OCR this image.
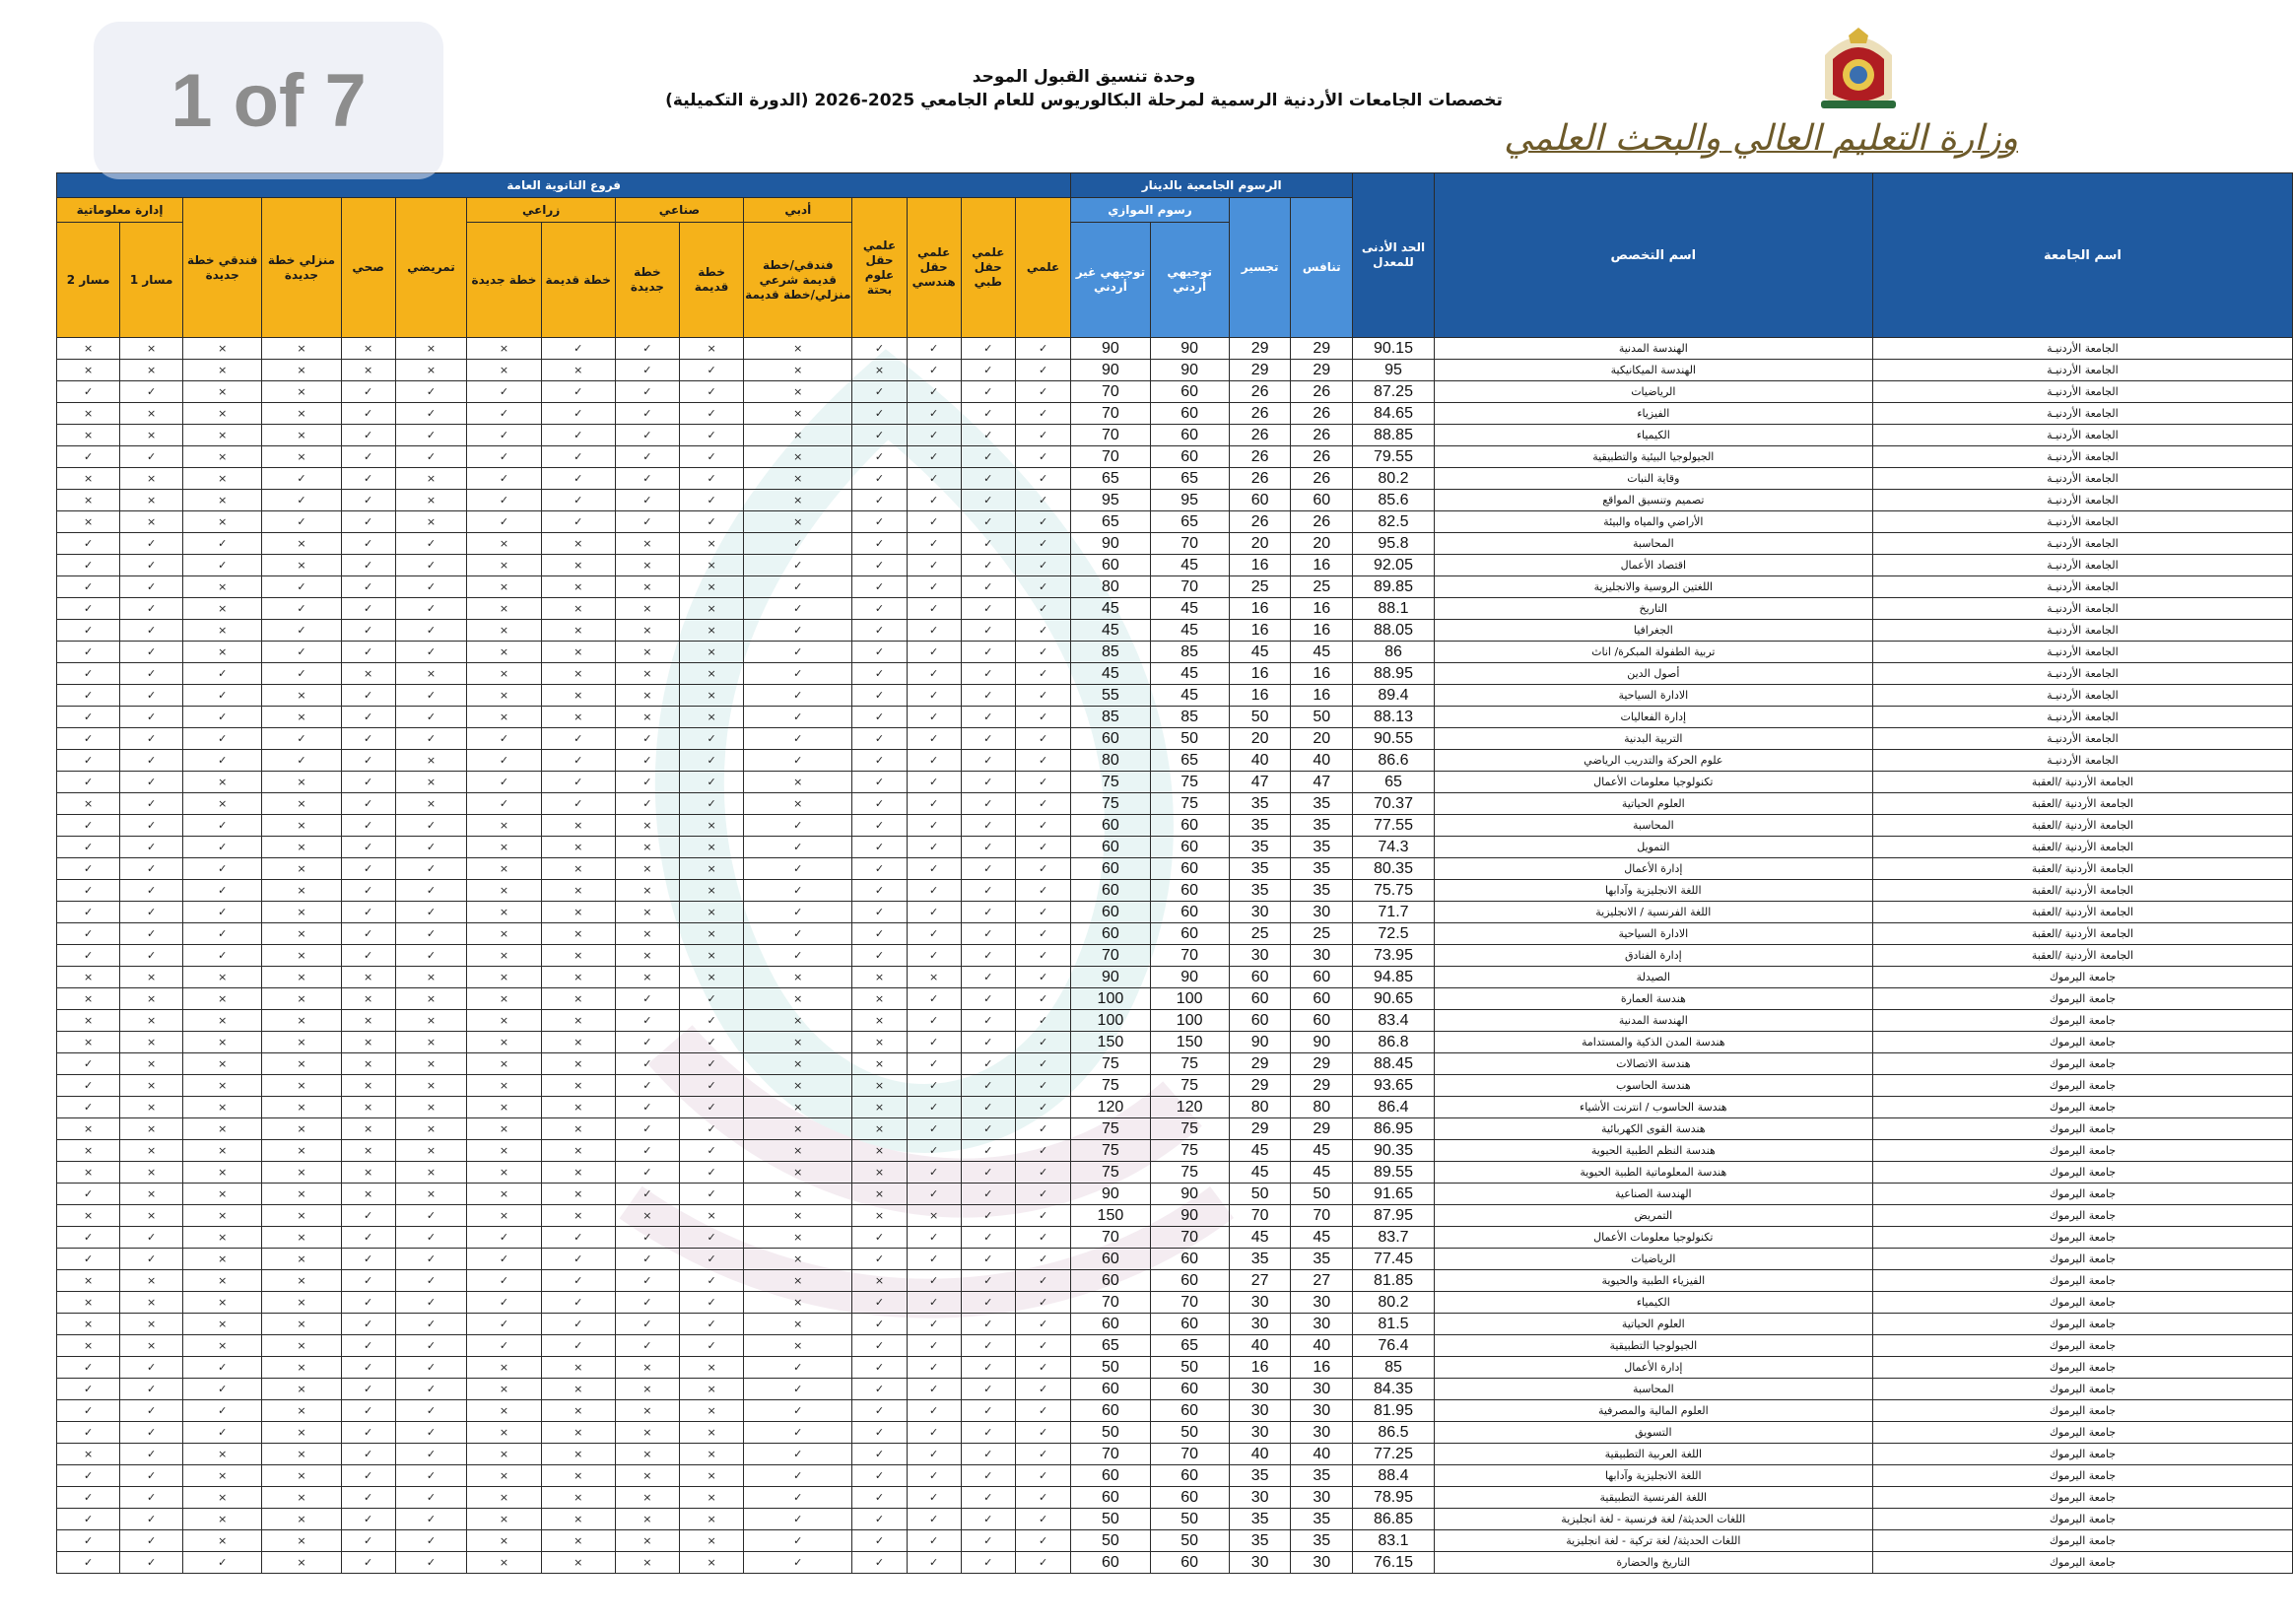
1 of 7	وزارة التعليم العالي والبحث العلمي
وحدة تنسيق القبول الموحد
تخصصات الجامعات الأردنية الرسمية لمرحلة البكالوريوس للعام الجامعي 2025-2026 (الدورة التكميلية)
اسم الجامعة	اسم التخصص	الحد الأدنى للمعدل	الرسوم الجامعية بالدينار				فروع الثانوية العامة														
			تنافس	تجسير	رسوم الموازي		علمي	علمي حقل طبي	علمي حقل هندسي	علمي حقل علوم بحتة	أدبي	صناعي		زراعي		تمريضي	صحي	منزلي خطة جديدة	فندقي خطة جديدة	إدارة معلوماتية	
					توجيهي أردني	توجيهي غير أردني					فندقي/خطة قديمة شرعي منزلي/خطة قديمة	خطة قديمة	خطة جديدة	خطة قديمة	خطة جديدة					مسار 1	مسار 2
الجامعة الأردنيـة	الهندسة المدنية	90.15	29	29	90	90	✓	✓	✓	✓	×	×	✓	✓	×	×	×	×	×	×	×
الجامعة الأردنيـة	الهندسة الميكانيكية	95	29	29	90	90	✓	✓	✓	×	×	✓	✓	×	×	×	×	×	×	×	×
الجامعة الأردنيـة	الرياضيات	87.25	26	26	60	70	✓	✓	✓	✓	×	✓	✓	✓	✓	✓	✓	×	×	✓	✓
الجامعة الأردنيـة	الفيزياء	84.65	26	26	60	70	✓	✓	✓	✓	×	✓	✓	✓	✓	✓	✓	×	×	×	×
الجامعة الأردنيـة	الكيمياء	88.85	26	26	60	70	✓	✓	✓	✓	×	✓	✓	✓	✓	✓	✓	×	×	×	×
الجامعة الأردنيـة	الجيولوجيا البيئية والتطبيقية	79.55	26	26	60	70	✓	✓	✓	✓	×	✓	✓	✓	✓	✓	✓	×	×	✓	✓
الجامعة الأردنيـة	وقاية النبات	80.2	26	26	65	65	✓	✓	✓	✓	×	✓	✓	✓	✓	×	✓	✓	×	×	×
الجامعة الأردنيـة	تصميم وتنسيق المواقع	85.6	60	60	95	95	✓	✓	✓	✓	×	✓	✓	✓	✓	×	✓	✓	×	×	×
الجامعة الأردنيـة	الأراضي والمياه والبيئة	82.5	26	26	65	65	✓	✓	✓	✓	×	✓	✓	✓	✓	×	✓	✓	×	×	×
الجامعة الأردنيـة	المحاسبة	95.8	20	20	70	90	✓	✓	✓	✓	✓	×	×	×	×	✓	✓	×	✓	✓	✓
الجامعة الأردنيـة	اقتصاد الأعمال	92.05	16	16	45	60	✓	✓	✓	✓	✓	×	×	×	×	✓	✓	×	✓	✓	✓
الجامعة الأردنيـة	اللغتين الروسية والانجليزية	89.85	25	25	70	80	✓	✓	✓	✓	✓	×	×	×	×	✓	✓	✓	×	✓	✓
الجامعة الأردنيـة	التاريخ	88.1	16	16	45	45	✓	✓	✓	✓	✓	×	×	×	×	✓	✓	✓	×	✓	✓
الجامعة الأردنيـة	الجغرافيا	88.05	16	16	45	45	✓	✓	✓	✓	✓	×	×	×	×	✓	✓	✓	×	✓	✓
الجامعة الأردنيـة	تربية الطفولة المبكرة/ اناث	86	45	45	85	85	✓	✓	✓	✓	✓	×	×	×	×	✓	✓	✓	×	✓	✓
الجامعة الأردنيـة	أصول الدين	88.95	16	16	45	45	✓	✓	✓	✓	✓	×	×	×	×	×	×	✓	✓	✓	✓
الجامعة الأردنيـة	الادارة السياحية	89.4	16	16	45	55	✓	✓	✓	✓	✓	×	×	×	×	✓	✓	×	✓	✓	✓
الجامعة الأردنيـة	إدارة الفعاليات	88.13	50	50	85	85	✓	✓	✓	✓	✓	×	×	×	×	✓	✓	×	✓	✓	✓
الجامعة الأردنيـة	التربية البدنية	90.55	20	20	50	60	✓	✓	✓	✓	✓	✓	✓	✓	✓	✓	✓	✓	✓	✓	✓
الجامعة الأردنيـة	علوم الحركة والتدريب الرياضي	86.6	40	40	65	80	✓	✓	✓	✓	✓	✓	✓	✓	✓	×	✓	✓	✓	✓	✓
الجامعة الأردنية /العقبة	تكنولوجيا معلومات الأعمال	65	47	47	75	75	✓	✓	✓	✓	×	✓	✓	✓	✓	×	✓	×	×	✓	✓
الجامعة الأردنية /العقبة	العلوم الحياتية	70.37	35	35	75	75	✓	✓	✓	✓	×	✓	✓	✓	✓	×	✓	×	×	✓	×
الجامعة الأردنية /العقبة	المحاسبة	77.55	35	35	60	60	✓	✓	✓	✓	✓	×	×	×	×	✓	✓	×	✓	✓	✓
الجامعة الأردنية /العقبة	التمويل	74.3	35	35	60	60	✓	✓	✓	✓	✓	×	×	×	×	✓	✓	×	✓	✓	✓
الجامعة الأردنية /العقبة	إدارة الأعمال	80.35	35	35	60	60	✓	✓	✓	✓	✓	×	×	×	×	✓	✓	×	✓	✓	✓
الجامعة الأردنية /العقبة	اللغة الانجليزية وآدابها	75.75	35	35	60	60	✓	✓	✓	✓	✓	×	×	×	×	✓	✓	×	✓	✓	✓
الجامعة الأردنية /العقبة	اللغة الفرنسية / الانجليزية	71.7	30	30	60	60	✓	✓	✓	✓	✓	×	×	×	×	✓	✓	×	✓	✓	✓
الجامعة الأردنية /العقبة	الادارة السياحية	72.5	25	25	60	60	✓	✓	✓	✓	✓	×	×	×	×	✓	✓	×	✓	✓	✓
الجامعة الأردنية /العقبة	إدارة الفنادق	73.95	30	30	70	70	✓	✓	✓	✓	✓	×	×	×	×	✓	✓	×	✓	✓	✓
جامعة اليرموك	الصيدلة	94.85	60	60	90	90	✓	✓	×	×	×	×	×	×	×	×	×	×	×	×	×
جامعة اليرموك	هندسة العمارة	90.65	60	60	100	100	✓	✓	✓	×	×	✓	✓	×	×	×	×	×	×	×	×
جامعة اليرموك	الهندسة المدنية	83.4	60	60	100	100	✓	✓	✓	×	×	✓	✓	×	×	×	×	×	×	×	×
جامعة اليرموك	هندسة المدن الذكية والمستدامة	86.8	90	90	150	150	✓	✓	✓	×	×	✓	✓	×	×	×	×	×	×	×	×
جامعة اليرموك	هندسة الاتصالات	88.45	29	29	75	75	✓	✓	✓	×	×	✓	✓	×	×	×	×	×	×	×	✓
جامعة اليرموك	هندسة الحاسوب	93.65	29	29	75	75	✓	✓	✓	×	×	✓	✓	×	×	×	×	×	×	×	✓
جامعة اليرموك	هندسة الحاسوب / انترنت الأشياء	86.4	80	80	120	120	✓	✓	✓	×	×	✓	✓	×	×	×	×	×	×	×	✓
جامعة اليرموك	هندسة القوى الكهربائية	86.95	29	29	75	75	✓	✓	✓	×	×	✓	✓	×	×	×	×	×	×	×	×
جامعة اليرموك	هندسة النظم الطبية الحيوية	90.35	45	45	75	75	✓	✓	✓	×	×	✓	✓	×	×	×	×	×	×	×	×
جامعة اليرموك	هندسة المعلوماتية الطبية الحيوية	89.55	45	45	75	75	✓	✓	✓	×	×	✓	✓	×	×	×	×	×	×	×	×
جامعة اليرموك	الهندسة الصناعية	91.65	50	50	90	90	✓	✓	✓	×	×	✓	✓	×	×	×	×	×	×	×	✓
جامعة اليرموك	التمريض	87.95	70	70	90	150	✓	✓	×	×	×	×	×	×	×	✓	✓	×	×	×	×
جامعة اليرموك	تكنولوجيا معلومات الأعمال	83.7	45	45	70	70	✓	✓	✓	✓	×	✓	✓	✓	✓	✓	✓	×	×	✓	✓
جامعة اليرموك	الرياضيات	77.45	35	35	60	60	✓	✓	✓	✓	×	✓	✓	✓	✓	✓	✓	×	×	✓	✓
جامعة اليرموك	الفيزياء الطبية والحيوية	81.85	27	27	60	60	✓	✓	✓	×	×	✓	✓	✓	✓	✓	✓	×	×	×	×
جامعة اليرموك	الكيمياء	80.2	30	30	70	70	✓	✓	✓	✓	×	✓	✓	✓	✓	✓	✓	×	×	×	×
جامعة اليرموك	العلوم الحياتية	81.5	30	30	60	60	✓	✓	✓	✓	×	✓	✓	✓	✓	✓	✓	×	×	×	×
جامعة اليرموك	الجيولوجيا التطبيقية	76.4	40	40	65	65	✓	✓	✓	✓	×	✓	✓	✓	✓	✓	✓	×	×	×	×
جامعة اليرموك	إدارة الأعمال	85	16	16	50	50	✓	✓	✓	✓	✓	×	×	×	×	✓	✓	×	✓	✓	✓
جامعة اليرموك	المحاسبة	84.35	30	30	60	60	✓	✓	✓	✓	✓	×	×	×	×	✓	✓	×	✓	✓	✓
جامعة اليرموك	العلوم المالية والمصرفية	81.95	30	30	60	60	✓	✓	✓	✓	✓	×	×	×	×	✓	✓	×	✓	✓	✓
جامعة اليرموك	التسويق	86.5	30	30	50	50	✓	✓	✓	✓	✓	×	×	×	×	✓	✓	×	✓	✓	✓
جامعة اليرموك	اللغة العربية التطبيقية	77.25	40	40	70	70	✓	✓	✓	✓	✓	×	×	×	×	✓	✓	×	×	✓	×
جامعة اليرموك	اللغة الانجليزية وآدابها	88.4	35	35	60	60	✓	✓	✓	✓	✓	×	×	×	×	✓	✓	×	×	✓	✓
جامعة اليرموك	اللغة الفرنسية التطبيقية	78.95	30	30	60	60	✓	✓	✓	✓	✓	×	×	×	×	✓	✓	×	×	✓	✓
جامعة اليرموك	اللغات الحديثة/ لغة فرنسية - لغة انجليزية	86.85	35	35	50	50	✓	✓	✓	✓	✓	×	×	×	×	✓	✓	×	×	✓	✓
جامعة اليرموك	اللغات الحديثة/ لغة تركية - لغة انجليزية	83.1	35	35	50	50	✓	✓	✓	✓	✓	×	×	×	×	✓	✓	×	×	✓	✓
جامعة اليرموك	التاريخ والحضارة	76.15	30	30	60	60	✓	✓	✓	✓	✓	×	×	×	×	✓	✓	×	✓	✓	✓
